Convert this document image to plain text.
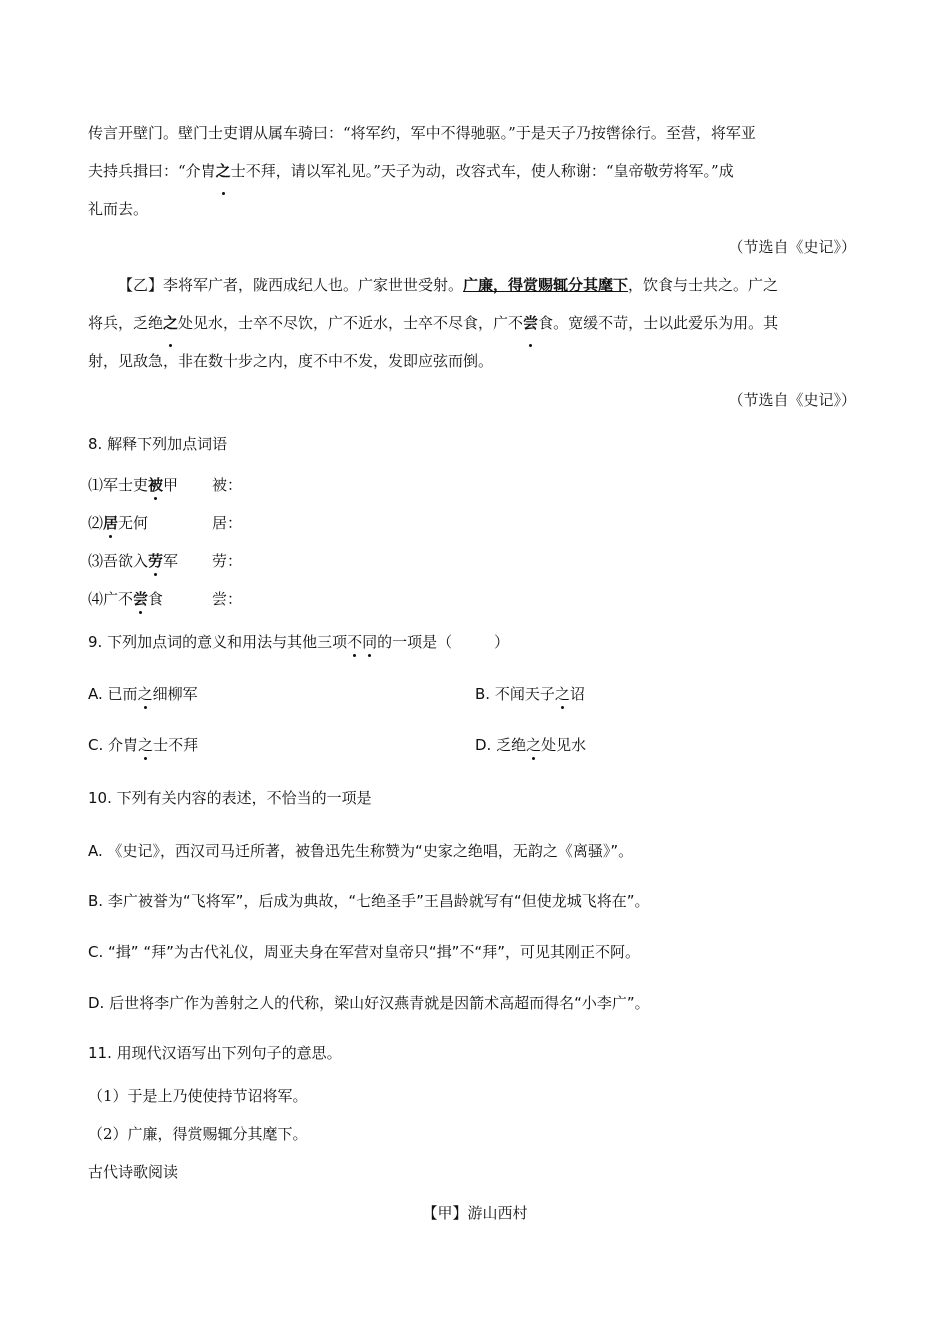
传言开壁门。壁门士吏谓从属车骑曰：“将军约，军中不得驰驱。”于是天子乃按辔徐行。至营，将军亚
夫持兵揖曰：“介胄之士不拜，请以军礼见。”天子为动，改容式车，使人称谢：“皇帝敬劳将军。”成
礼而去。
（节选自《史记》）
【乙】李将军广者，陇西成纪人也。广家世世受射。广廉，得赏赐辄分其麾下，饮食与士共之。广之
将兵，乏绝之处见水，士卒不尽饮，广不近水，士卒不尽食，广不尝食。宽缓不苛，士以此爱乐为用。其
射，见敌急，非在数十步之内，度不中不发，发即应弦而倒。
（节选自《史记》）
8. 解释下列加点词语
⑴军士吏被甲 被：
⑵居无何	居：
⑶吾欲入劳军 劳：
⑷广不尝食	尝：
9. 下列加点词的意义和用法与其他三项不同的一项是（	）
A. 已而之细柳军	B. 不闻天子之诏
C. 介胄之士不拜	D. 乏绝之处见水
10. 下列有关内容的表述，不恰当的一项是
A. 《史记》，西汉司马迁所著，被鲁迅先生称赞为“史家之绝唱，无韵之《离骚》”。
B. 李广被誉为“飞将军”，后成为典故，“七绝圣手”王昌龄就写有“但使龙城飞将在”。
C. “揖” “拜”为古代礼仪，周亚夫身在军营对皇帝只“揖”不“拜”，可见其刚正不阿。
D. 后世将李广作为善射之人的代称，梁山好汉燕青就是因箭术高超而得名“小李广”。
11. 用现代汉语写出下列句子的意思。
（1）于是上乃使使持节诏将军。
（2）广廉，得赏赐辄分其麾下。
古代诗歌阅读
【甲】游山西村
